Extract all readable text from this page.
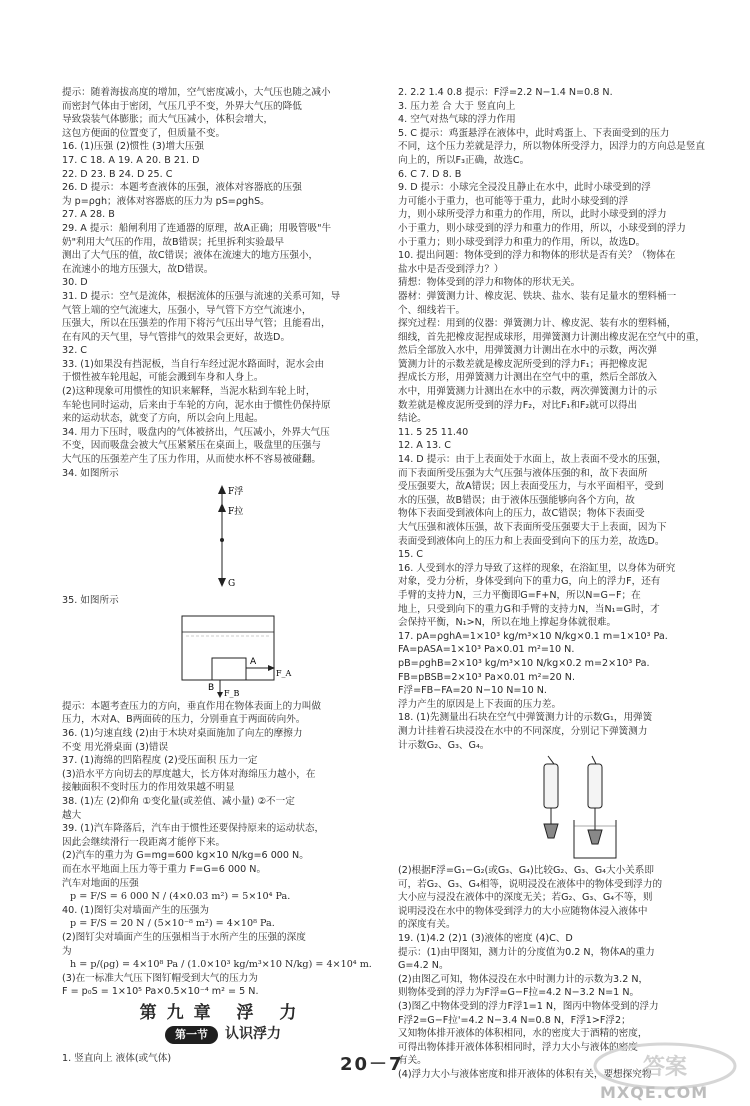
提示：随着海拔高度的增加，空气密度减小，大气压也随之减小

而密封气体由于密闭，气压几乎不变，外界大气压的降低

导致袋装气体膨胀；而大气压减小，体积会增大，

这包方便面的位置变了，但质量不变。

16. (1)压强 (2)惯性 (3)增大压强

17. C 18. A 19. A 20. B 21. D

22. D 23. B 24. D 25. C

26. D 提示：本题考查液体的压强，液体对容器底的压强

为 p=ρgh；液体对容器底的压力为 pS=ρghS。

27. A 28. B

29. A 提示：船闸利用了连通器的原理，故A正确；用吸管吸"牛

奶"利用大气压的作用，故B错误；托里拆利实验最早

测出了大气压的值，故C错误；液体在流速大的地方压强小，

在流速小的地方压强大，故D错误。

30. D

31. D 提示：空气是流体，根据流体的压强与流速的关系可知，导

气管上端的空气流速大，压强小，导气管下方空气流速小，

压强大，所以在压强差的作用下将污气压出导气管；且能看出，

在有风的天气里，导气管排气的效果会更好，故选D。

32. C

33. (1)如果没有挡泥板，当自行车经过泥水路面时，泥水会由

于惯性被车轮甩起，可能会溅到车身和人身上。

(2)这种现象可用惯性的知识来解释，当泥水粘到车轮上时，

车轮也同时运动，后来由于车轮的方向，泥水由于惯性仍保持原

来的运动状态，就变了方向，所以会向上甩起。

34. 用力下压时，吸盘内的气体被挤出，气压减小，外界大气压

不变，因而吸盘会被大气压紧紧压在桌面上，吸盘里的压强与

大气压的压强差产生了压力作用，从而使水杯不容易被碰翻。

34. 如图所示

F浮
F拉
G

35. 如图所示

A
F_A
B
F_B

提示：本题考查压力的方向，垂直作用在物体表面上的力叫做

压力，木对A、B两面砖的压力，分别垂直于两面砖向外。

36. (1)匀速直线 (2)由于木块对桌面施加了向左的摩擦力

不变 用光滑桌面 (3)错误

37. (1)海绵的凹陷程度 (2)受压面积 压力一定

(3)沿水平方向切去的厚度越大，长方体对海绵压力越小，在

接触面积不变时压力的作用效果越不明显

38. (1)左 (2)仰角 ①变化量(或差值、减小量) ②不一定

越大

39. (1)汽车降落后，汽车由于惯性还要保持原来的运动状态，

因此会继续滑行一段距离才能停下来。

(2)汽车的重力为 G=mg=600 kg×10 N/kg=6 000 N。

而在水平地面上压力等于重力 F=G=6 000 N。

汽车对地面的压强

p = F/S = 6 000 N / (4×0.03 m²) = 5×10⁴ Pa.

40. (1)图钉尖对墙面产生的压强为

p = F/S = 20 N / (5×10⁻⁸ m²) = 4×10⁸ Pa.

(2)图钉尖对墙面产生的压强相当于水所产生的压强的深度

为

h = p/(ρg) = 4×10⁸ Pa / (1.0×10³ kg/m³×10 N/kg) = 4×10⁴ m.

(3)在一标准大气压下图钉帽受到大气的压力为

F = p₀S = 1×10⁵ Pa×0.5×10⁻⁴ m² = 5 N.

第九章 浮 力
第一节 认识浮力

1. 竖直向上 液体(或气体)

2. 2.2 1.4 0.8 提示：F浮=2.2 N−1.4 N=0.8 N.

3. 压力差 合 大于 竖直向上

4. 空气对热气球的浮力作用

5. C 提示：鸡蛋悬浮在液体中，此时鸡蛋上、下表面受到的压力

不同，这个压力差就是浮力，所以物体所受浮力，因浮力的方向总是竖直

向上的，所以F₃正确，故选C。

6. C 7. D 8. B

9. D 提示：小球完全浸没且静止在水中，此时小球受到的浮

力可能小于重力，也可能等于重力，此时小球受到的浮

力，则小球所受浮力和重力的作用，所以，此时小球受到的浮力

小于重力，则小球受到的浮力和重力的作用，所以，小球受到的浮力

小于重力；则小球受到浮力和重力的作用，所以，故选D。

10. 提出问题：物体受到的浮力和物体的形状是否有关？（物体在

盐水中是否受到浮力？）

猜想：物体受到的浮力和物体的形状无关。

器材：弹簧测力计、橡皮泥、铁块、盐水、装有足量水的塑料桶一

个、细线若干。

探究过程：用到的仪器：弹簧测力计、橡皮泥、装有水的塑料桶，

细线，首先把橡皮泥捏成球形，用弹簧测力计测出橡皮泥在空气中的重，

然后全部放入水中，用弹簧测力计测出在水中的示数，两次弹

簧测力计的示数差就是橡皮泥所受到的浮力F₁；再把橡皮泥

捏成长方形，用弹簧测力计测出在空气中的重，然后全部放入

水中，用弹簧测力计测出在水中的示数，两次弹簧测力计的示

数差就是橡皮泥所受到的浮力F₂，对比F₁和F₂就可以得出

结论。

11. 5 25 11.40

12. A 13. C

14. D 提示：由于上表面处于水面上，故上表面不受水的压强，

而下表面所受压强为大气压强与液体压强的和，故下表面所

受压强要大，故A错误；因上表面受压力，与水平面相平，受到

水的压强，故B错误；由于液体压强能够向各个方向，故

物体下表面受到液体向上的压力，故C错误；物体下表面受

大气压强和液体压强，故下表面所受压强要大于上表面，因为下

表面受到液体向上的压力和上表面受到向下的压力差，故选D。

15. C

16. 人受到水的浮力导致了这样的现象，在浴缸里，以身体为研究

对象，受力分析，身体受到向下的重力G，向上的浮力F，还有

手臂的支持力N，三力平衡即G=F+N，所以N=G−F；在

地上，只受到向下的重力G和手臂的支持力N，当N₁=G时，才

会保持平衡，N₁>N，所以在地上撑起身体就很难。

17. pA=ρghA=1×10³ kg/m³×10 N/kg×0.1 m=1×10³ Pa.

FA=pASA=1×10³ Pa×0.01 m²=10 N.

pB=ρghB=2×10³ kg/m³×10 N/kg×0.2 m=2×10³ Pa.

FB=pBSB=2×10³ Pa×0.01 m²=20 N.

F浮=FB−FA=20 N−10 N=10 N.

浮力产生的原因是上下表面的压力差。

18. (1)先测量出石块在空气中弹簧测力计的示数G₁，用弹簧

测力计挂着石块浸没在水中的不同深度，分别记下弹簧测力

计示数G₂、G₃、G₄。

(2)根据F浮=G₁−G₂(或G₃、G₄)比较G₂、G₃、G₄大小关系即

可，若G₂、G₃、G₄相等，说明浸没在液体中的物体受到浮力的

大小应与浸没在液体中的深度无关；若G₂、G₃、G₄不等，则

说明浸没在水中的物体受到浮力的大小应随物体浸入液体中

的深度有关。

19. (1)4.2 (2)1 (3)液体的密度 (4)C、D

提示：(1)由甲图知，测力计的分度值为0.2 N，物体A的重力

G=4.2 N。

(2)由图乙可知，物体浸没在水中时测力计的示数为3.2 N，

则物体受到的浮力为F浮=G−F拉=4.2 N−3.2 N=1 N。

(3)图乙中物体受到的浮力F浮1=1 N，图丙中物体受到的浮力

F浮2=G−F拉'=4.2 N−3.4 N=0.8 N，F浮1>F浮2；

又知物体排开液体的体积相同，水的密度大于酒精的密度，

可得出物体排开液体体积相同时，浮力大小与液体的密度

有关。

(4)浮力大小与液体密度和排开液体的体积有关，要想探究物

20－7	答案
MXQE.COM
